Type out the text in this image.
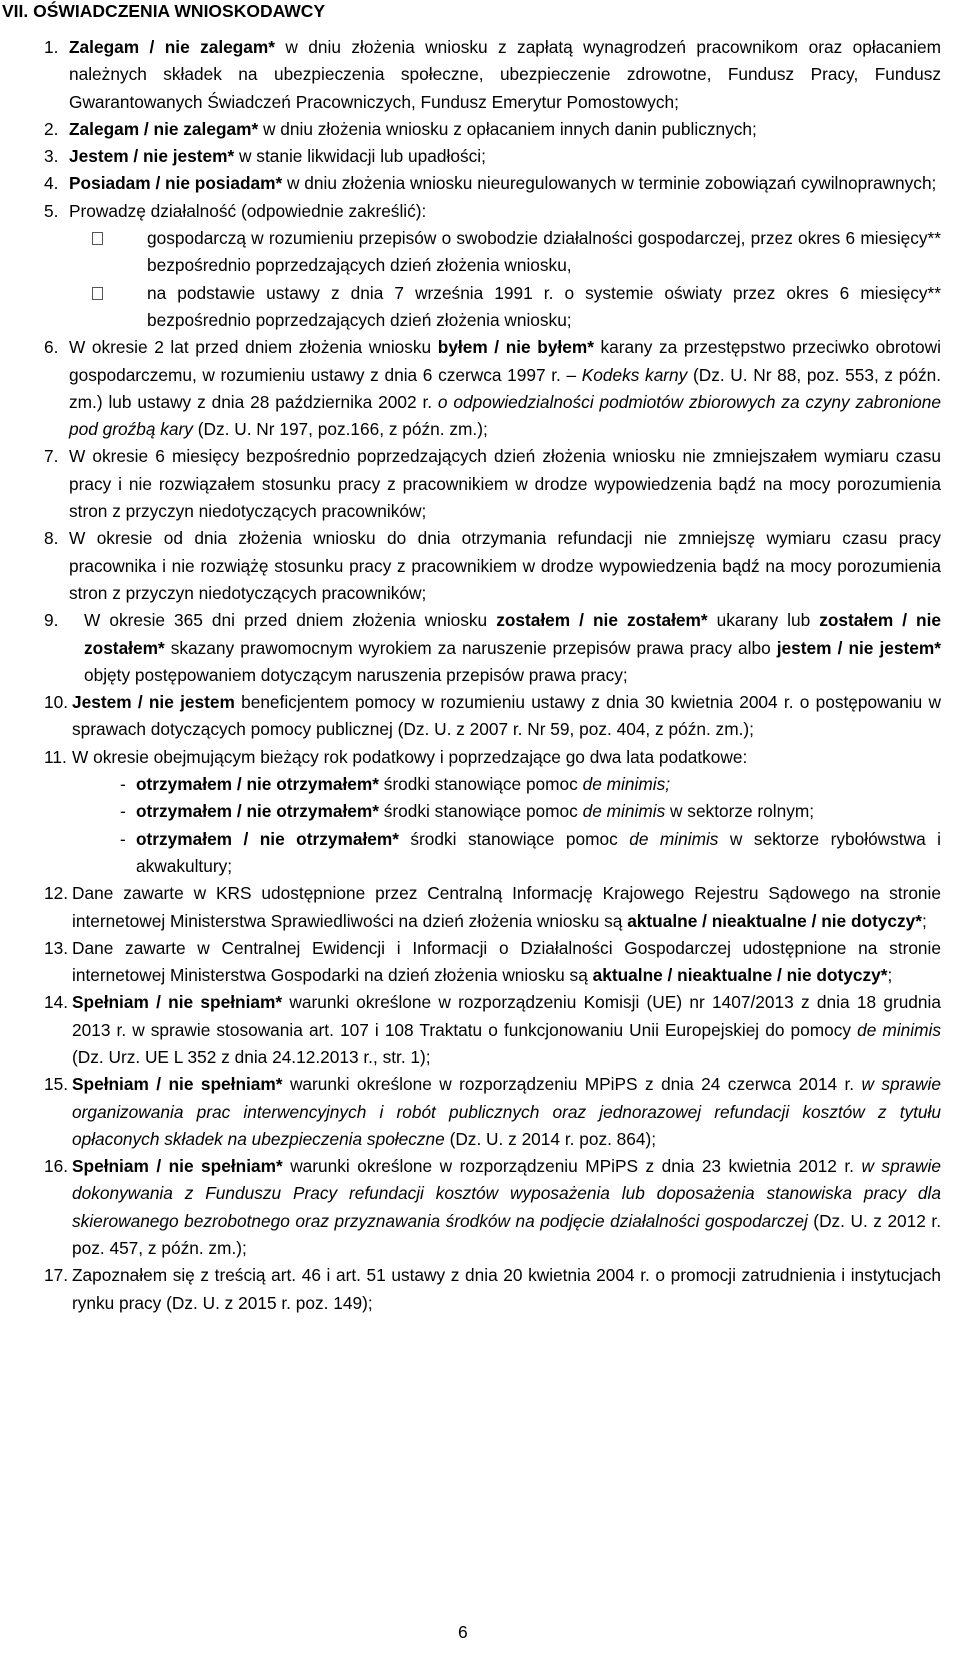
VII. OŚWIADCZENIA WNIOSKODAWCY
1. Zalegam / nie zalegam* w dniu złożenia wniosku z zapłatą wynagrodzeń pracownikom oraz opłacaniem należnych składek na ubezpieczenia społeczne, ubezpieczenie zdrowotne, Fundusz Pracy, Fundusz Gwarantowanych Świadczeń Pracowniczych, Fundusz Emerytur Pomostowych;
2. Zalegam / nie zalegam* w dniu złożenia wniosku z opłacaniem innych danin publicznych;
3. Jestem / nie jestem* w stanie likwidacji lub upadłości;
4. Posiadam / nie posiadam* w dniu złożenia wniosku nieuregulowanych w terminie zobowiązań cywilnoprawnych;
5. Prowadzę działalność (odpowiednie zakreślić):
gospodarczą w rozumieniu przepisów o swobodzie działalności gospodarczej, przez okres 6 miesięcy** bezpośrednio poprzedzających dzień złożenia wniosku,
na podstawie ustawy z dnia 7 września 1991 r. o systemie oświaty przez okres 6 miesięcy** bezpośrednio poprzedzających dzień złożenia wniosku;
6. W okresie 2 lat przed dniem złożenia wniosku byłem / nie byłem* karany za przestępstwo przeciwko obrotowi gospodarczemu, w rozumieniu ustawy z dnia 6 czerwca 1997 r. – Kodeks karny (Dz. U. Nr 88, poz. 553, z późn. zm.) lub ustawy z dnia 28 października 2002 r. o odpowiedzialności podmiotów zbiorowych za czyny zabronione pod groźbą kary (Dz. U. Nr 197, poz.166, z późn. zm.);
7. W okresie 6 miesięcy bezpośrednio poprzedzających dzień złożenia wniosku nie zmniejszałem wymiaru czasu pracy i nie rozwiązałem stosunku pracy z pracownikiem w drodze wypowiedzenia bądź na mocy porozumienia stron z przyczyn niedotyczących pracowników;
8. W okresie od dnia złożenia wniosku do dnia otrzymania refundacji nie zmniejszę wymiaru czasu pracy pracownika i nie rozwiążę stosunku pracy z pracownikiem w drodze wypowiedzenia bądź na mocy porozumienia stron z przyczyn niedotyczących pracowników;
9. W okresie 365 dni przed dniem złożenia wniosku zostałem / nie zostałem* ukarany lub zostałem / nie zostałem* skazany prawomocnym wyrokiem za naruszenie przepisów prawa pracy albo jestem / nie jestem* objęty postępowaniem dotyczącym naruszenia przepisów prawa pracy;
10. Jestem / nie jestem beneficjentem pomocy w rozumieniu ustawy z dnia 30 kwietnia 2004 r. o postępowaniu w sprawach dotyczących pomocy publicznej (Dz. U. z 2007 r. Nr 59, poz. 404, z późn. zm.);
11. W okresie obejmującym bieżący rok podatkowy i poprzedzające go dwa lata podatkowe:
- otrzymałem / nie otrzymałem* środki stanowiące pomoc de minimis;
- otrzymałem / nie otrzymałem* środki stanowiące pomoc de minimis w sektorze rolnym;
- otrzymałem / nie otrzymałem* środki stanowiące pomoc de minimis w sektorze rybołówstwa i akwakultury;
12. Dane zawarte w KRS udostępnione przez Centralną Informację Krajowego Rejestru Sądowego na stronie internetowej Ministerstwa Sprawiedliwości na dzień złożenia wniosku są aktualne / nieaktualne / nie dotyczy*;
13. Dane zawarte w Centralnej Ewidencji i Informacji o Działalności Gospodarczej udostępnione na stronie internetowej Ministerstwa Gospodarki na dzień złożenia wniosku są aktualne / nieaktualne / nie dotyczy*;
14. Spełniam / nie spełniam* warunki określone w rozporządzeniu Komisji (UE) nr 1407/2013 z dnia 18 grudnia 2013 r. w sprawie stosowania art. 107 i 108 Traktatu o funkcjonowaniu Unii Europejskiej do pomocy de minimis (Dz. Urz. UE L 352 z dnia 24.12.2013 r., str. 1);
15. Spełniam / nie spełniam* warunki określone w rozporządzeniu MPiPS z dnia 24 czerwca 2014 r. w sprawie organizowania prac interwencyjnych i robót publicznych oraz jednorazowej refundacji kosztów z tytułu opłaconych składek na ubezpieczenia społeczne (Dz. U. z 2014 r. poz. 864);
16. Spełniam / nie spełniam* warunki określone w rozporządzeniu MPiPS z dnia 23 kwietnia 2012 r. w sprawie dokonywania z Funduszu Pracy refundacji kosztów wyposażenia lub doposażenia stanowiska pracy dla skierowanego bezrobotnego oraz przyznawania środków na podjęcie działalności gospodarczej (Dz. U. z 2012 r. poz. 457, z późn. zm.);
17. Zapoznałem się z treścią art. 46 i art. 51 ustawy z dnia 20 kwietnia 2004 r. o promocji zatrudnienia i instytucjach rynku pracy (Dz. U. z 2015 r. poz. 149);
6
